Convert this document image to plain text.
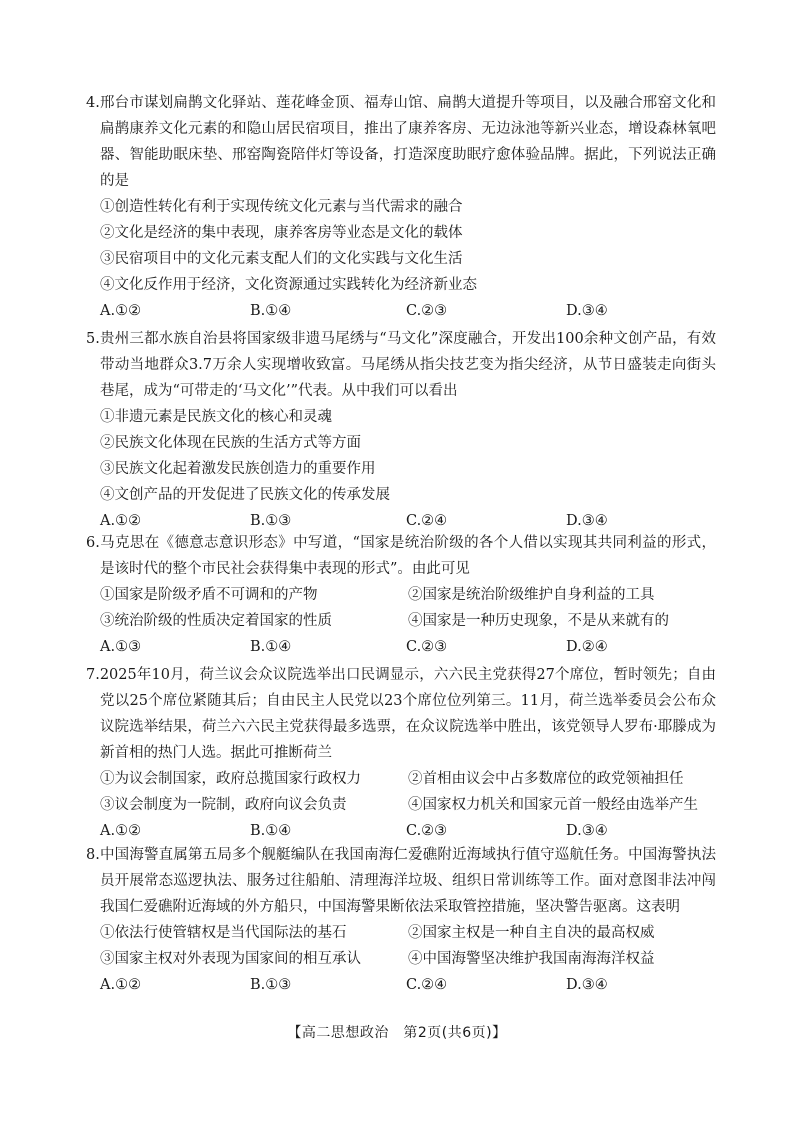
4.邢台市谋划扁鹊文化驿站、莲花峰金顶、福寿山馆、扁鹊大道提升等项目，以及融合邢窑文化和扁鹊康养文化元素的和隐山居民宿项目，推出了康养客房、无边泳池等新兴业态，增设森林氧吧器、智能助眠床垫、邢窑陶瓷陪伴灯等设备，打造深度助眠疗愈体验品牌。据此，下列说法正确的是

①创造性转化有利于实现传统文化元素与当代需求的融合

②文化是经济的集中表现，康养客房等业态是文化的载体

③民宿项目中的文化元素支配人们的文化实践与文化生活

④文化反作用于经济，文化资源通过实践转化为经济新业态

A.①②	B.①④	C.②③	D.③④
5.贵州三都水族自治县将国家级非遗马尾绣与“马文化”深度融合，开发出100余种文创产品，有效带动当地群众3.7万余人实现增收致富。马尾绣从指尖技艺变为指尖经济，从节日盛装走向街头巷尾，成为“可带走的‘马文化’”代表。从中我们可以看出

①非遗元素是民族文化的核心和灵魂

②民族文化体现在民族的生活方式等方面

③民族文化起着激发民族创造力的重要作用

④文创产品的开发促进了民族文化的传承发展

A.①②	B.①③	C.②④	D.③④
6.马克思在《德意志意识形态》中写道，“国家是统治阶级的各个人借以实现其共同利益的形式，是该时代的整个市民社会获得集中表现的形式”。由此可见
①国家是阶级矛盾不可调和的产物	②国家是统治阶级维护自身利益的工具
③统治阶级的性质决定着国家的性质	④国家是一种历史现象，不是从来就有的
A.①③	B.①④	C.②③	D.②④
7.2025年10月，荷兰议会众议院选举出口民调显示，六六民主党获得27个席位，暂时领先；自由党以25个席位紧随其后；自由民主人民党以23个席位位列第三。11月，荷兰选举委员会公布众议院选举结果，荷兰六六民主党获得最多选票，在众议院选举中胜出，该党领导人罗布·耶滕成为新首相的热门人选。据此可推断荷兰
①为议会制国家，政府总揽国家行政权力	②首相由议会中占多数席位的政党领袖担任
③议会制度为一院制，政府向议会负责	④国家权力机关和国家元首一般经由选举产生
A.①②	B.①④	C.②③	D.③④
8.中国海警直属第五局多个舰艇编队在我国南海仁爱礁附近海域执行值守巡航任务。中国海警执法员开展常态巡逻执法、服务过往船舶、清理海洋垃圾、组织日常训练等工作。面对意图非法冲闯我国仁爱礁附近海域的外方船只，中国海警果断依法采取管控措施，坚决警告驱离。这表明
①依法行使管辖权是当代国际法的基石	②国家主权是一种自主自决的最高权威
③国家主权对外表现为国家间的相互承认	④中国海警坚决维护我国南海海洋权益
A.①②	B.①③	C.②④	D.③④
【高二思想政治　第2页(共6页)】
